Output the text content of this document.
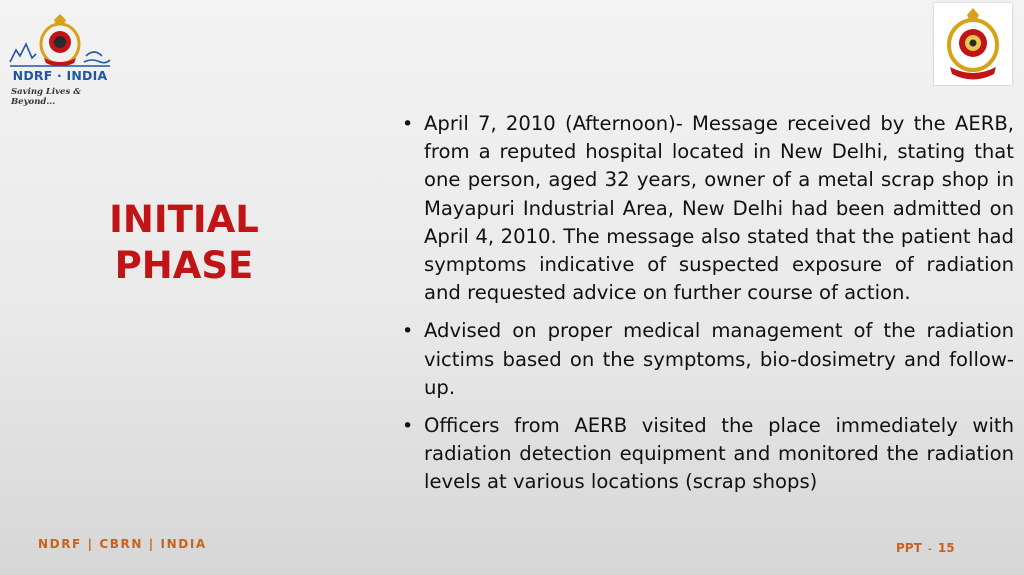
NDRF · INDIA
Saving Lives & Beyond...
INITIAL
PHASE
• April 7, 2010 (Afternoon)- Message received by the AERB, from a reputed hospital located in New Delhi, stating that one person, aged 32 years, owner of a metal scrap shop in Mayapuri Industrial Area, New Delhi had been admitted on April 4, 2010. The message also stated that the patient had symptoms indicative of suspected exposure of radiation and requested advice on further course of action.
• Advised on proper medical management of the radiation victims based on the symptoms, bio-dosimetry and follow-up.
• Officers from AERB visited the place immediately with radiation detection equipment and monitored the radiation levels at various locations (scrap shops)
NDRF | CBRN | INDIA	PPT - 15
